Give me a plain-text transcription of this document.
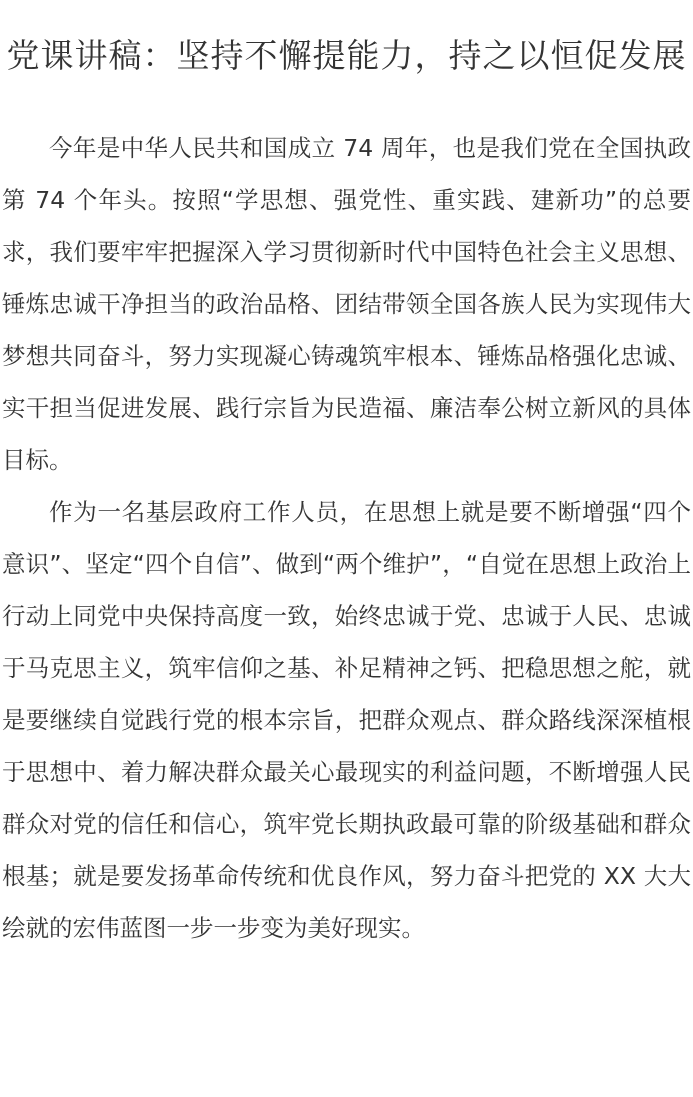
党课讲稿：坚持不懈提能力，持之以恒促发展

今年是中华人民共和国成立 74 周年，也是我们党在全国执政第 74 个年头。按照“学思想、强党性、重实践、建新功”的总要求，我们要牢牢把握深入学习贯彻新时代中国特色社会主义思想、锤炼忠诚干净担当的政治品格、团结带领全国各族人民为实现伟大梦想共同奋斗，努力实现凝心铸魂筑牢根本、锤炼品格强化忠诚、实干担当促进发展、践行宗旨为民造福、廉洁奉公树立新风的具体目标。

作为一名基层政府工作人员，在思想上就是要不断增强“四个意识”、坚定“四个自信”、做到“两个维护”，“自觉在思想上政治上行动上同党中央保持高度一致，始终忠诚于党、忠诚于人民、忠诚于马克思主义，筑牢信仰之基、补足精神之钙、把稳思想之舵，就是要继续自觉践行党的根本宗旨，把群众观点、群众路线深深植根于思想中、着力解决群众最关心最现实的利益问题，不断增强人民群众对党的信任和信心，筑牢党长期执政最可靠的阶级基础和群众根基；就是要发扬革命传统和优良作风，努力奋斗把党的 XX 大大绘就的宏伟蓝图一步一步变为美好现实。
